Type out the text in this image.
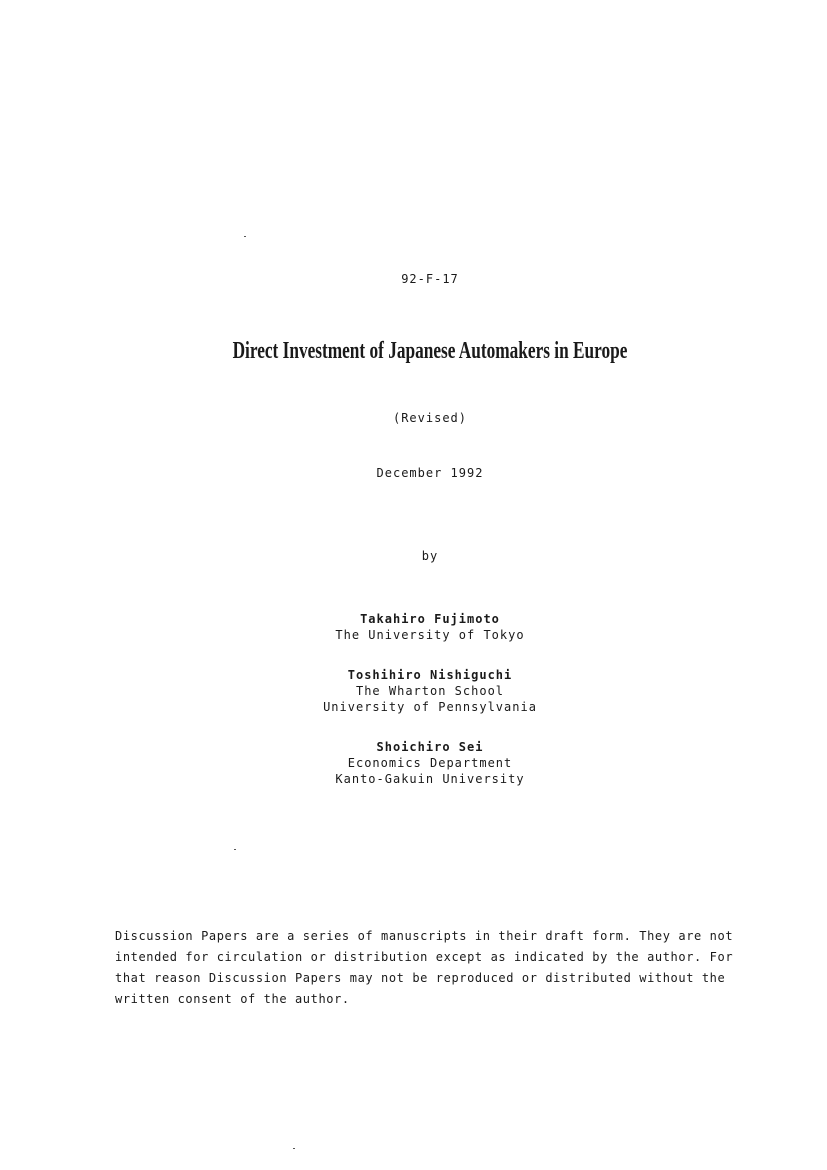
92-F-17
Direct Investment of Japanese Automakers in Europe
(Revised)
December 1992
by
Takahiro Fujimoto
The University of Tokyo
Toshihiro Nishiguchi
The Wharton School
University of Pennsylvania
Shoichiro Sei
Economics Department
Kanto-Gakuin University
Discussion Papers are a series of manuscripts in their draft form. They are not
intended for circulation or distribution except as indicated by the author. For
that reason Discussion Papers may not be reproduced or distributed without the
written consent of the author.
